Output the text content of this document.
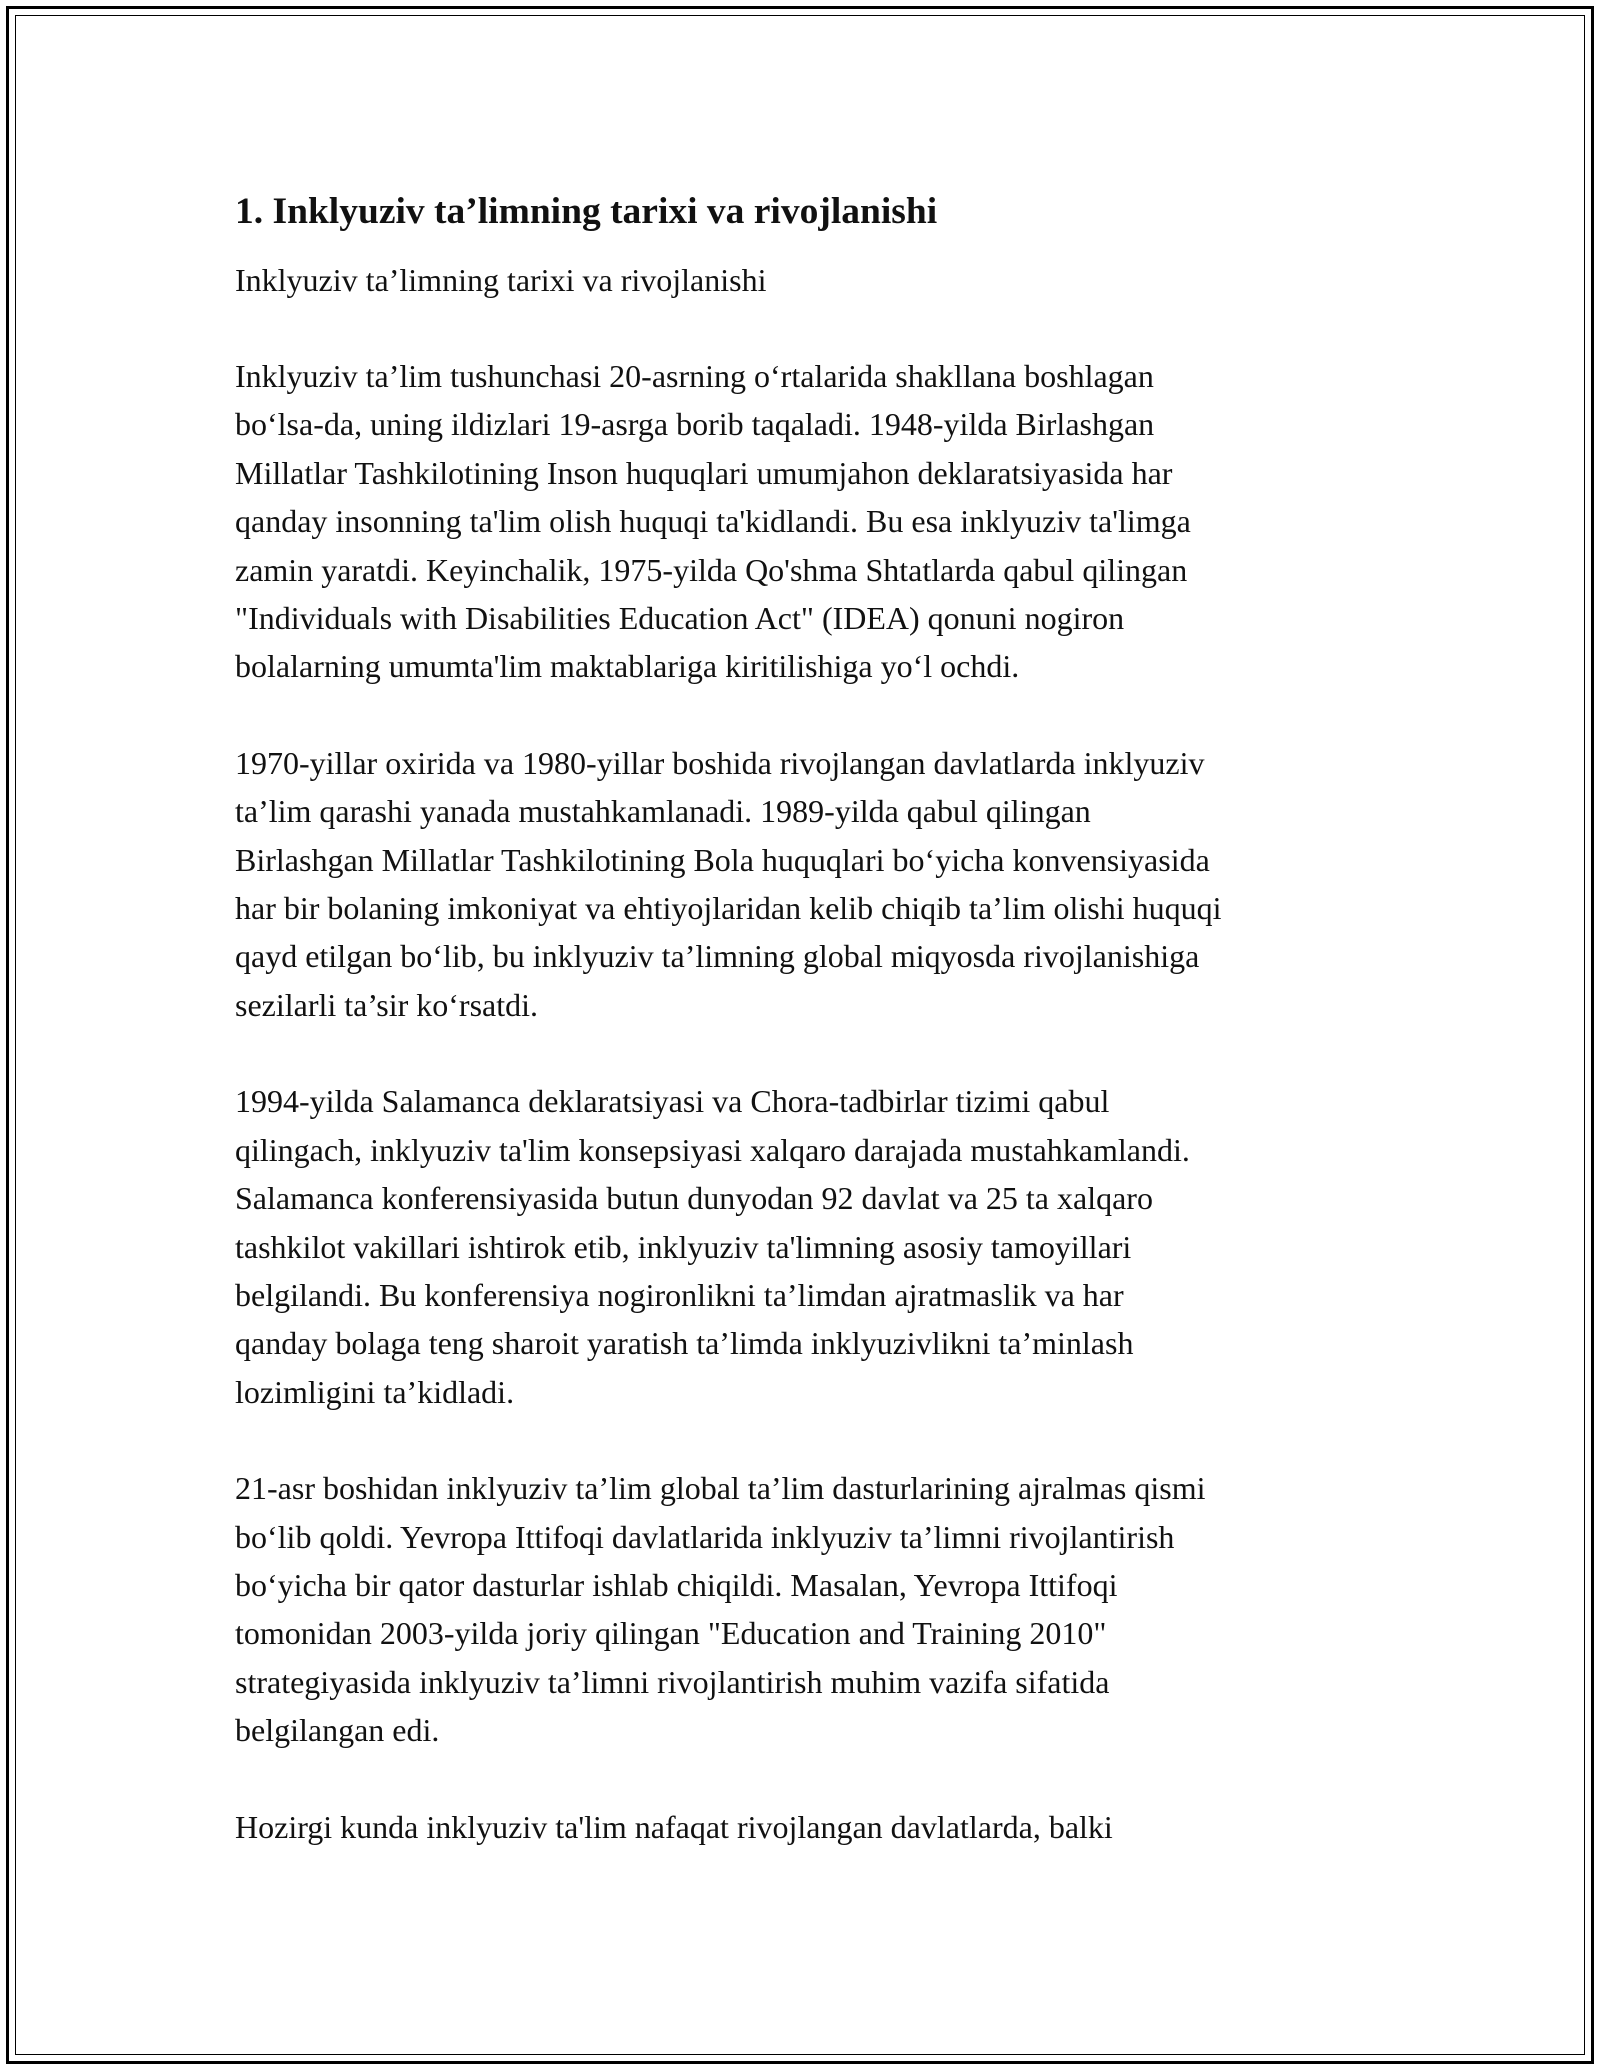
1. Inklyuziv ta’limning tarixi va rivojlanishi
Inklyuziv ta’limning tarixi va rivojlanishi

Inklyuziv ta’lim tushunchasi 20-asrning o‘rtalarida shakllana boshlagan
bo‘lsa-da, uning ildizlari 19-asrga borib taqaladi. 1948-yilda Birlashgan
Millatlar Tashkilotining Inson huquqlari umumjahon deklaratsiyasida har
qanday insonning ta'lim olish huquqi ta'kidlandi. Bu esa inklyuziv ta'limga
zamin yaratdi. Keyinchalik, 1975-yilda Qo'shma Shtatlarda qabul qilingan
"Individuals with Disabilities Education Act" (IDEA) qonuni nogiron
bolalarning umumta'lim maktablariga kiritilishiga yo‘l ochdi.

1970-yillar oxirida va 1980-yillar boshida rivojlangan davlatlarda inklyuziv
ta’lim qarashi yanada mustahkamlanadi. 1989-yilda qabul qilingan
Birlashgan Millatlar Tashkilotining Bola huquqlari bo‘yicha konvensiyasida
har bir bolaning imkoniyat va ehtiyojlaridan kelib chiqib ta’lim olishi huquqi
qayd etilgan bo‘lib, bu inklyuziv ta’limning global miqyosda rivojlanishiga
sezilarli ta’sir ko‘rsatdi.

1994-yilda Salamanca deklaratsiyasi va Chora-tadbirlar tizimi qabul
qilingach, inklyuziv ta'lim konsepsiyasi xalqaro darajada mustahkamlandi.
Salamanca konferensiyasida butun dunyodan 92 davlat va 25 ta xalqaro
tashkilot vakillari ishtirok etib, inklyuziv ta'limning asosiy tamoyillari
belgilandi. Bu konferensiya nogironlikni ta’limdan ajratmaslik va har
qanday bolaga teng sharoit yaratish ta’limda inklyuzivlikni ta’minlash
lozimligini ta’kidladi.

21-asr boshidan inklyuziv ta’lim global ta’lim dasturlarining ajralmas qismi
bo‘lib qoldi. Yevropa Ittifoqi davlatlarida inklyuziv ta’limni rivojlantirish
bo‘yicha bir qator dasturlar ishlab chiqildi. Masalan, Yevropa Ittifoqi
tomonidan 2003-yilda joriy qilingan "Education and Training 2010"
strategiyasida inklyuziv ta’limni rivojlantirish muhim vazifa sifatida
belgilangan edi.

Hozirgi kunda inklyuziv ta'lim nafaqat rivojlangan davlatlarda, balki
